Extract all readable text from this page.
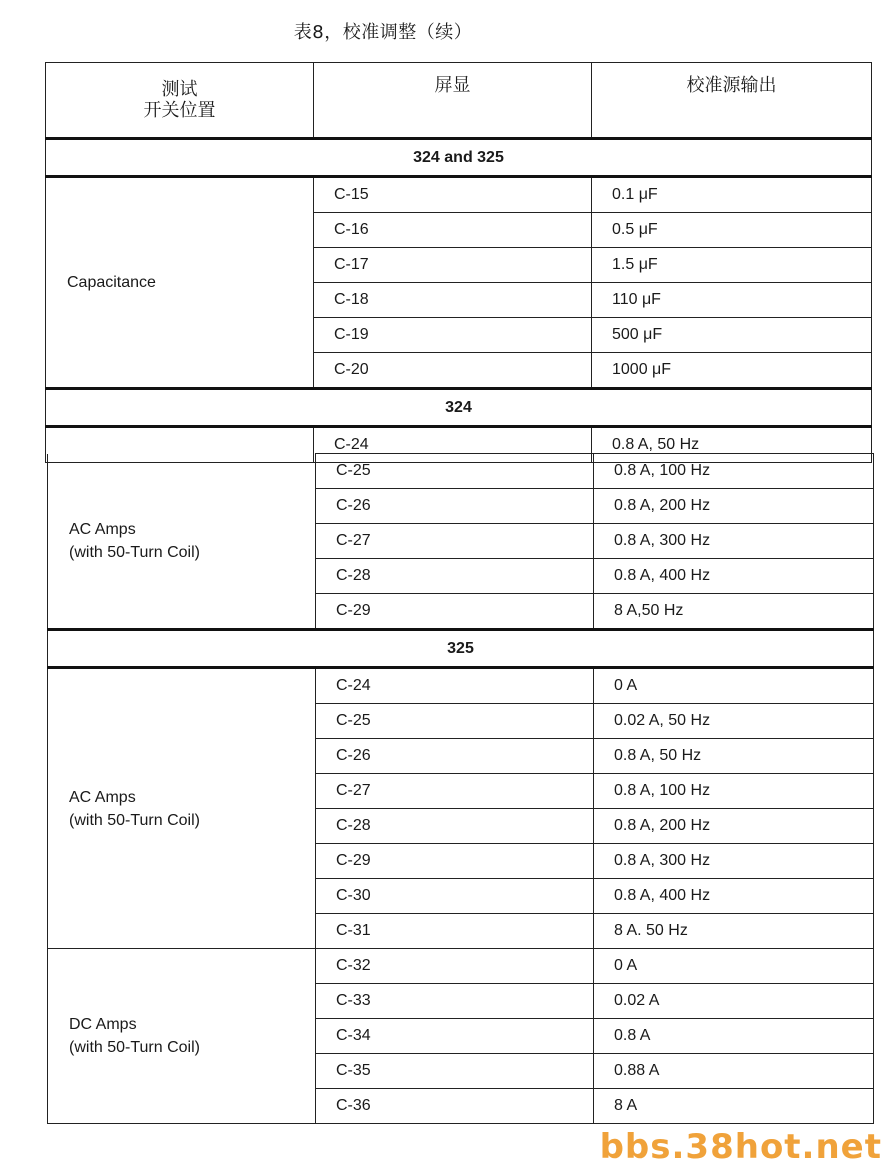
表8，校准调整（续）
测试
开关位置	屏显	校准源输出
324 and 325		

Capacitance	C-15	0.1 μF
	C-16	0.5 μF
	C-17	1.5 μF
	C-18	110 μF
	C-19	500 μF
	C-20	1000 μF
324		
	C-24	0.8 A, 50 Hz
AC Amps
(with 50-Turn Coil)	C-25	0.8 A, 100 Hz
	C-26	0.8 A, 200 Hz
	C-27	0.8 A, 300 Hz
	C-28	0.8 A, 400 Hz
	C-29	8 A,50 Hz
325		

AC Amps
(with 50-Turn Coil)	C-24	0 A
	C-25	0.02 A, 50 Hz
	C-26	0.8 A, 50 Hz
	C-27	0.8 A, 100 Hz
	C-28	0.8 A, 200 Hz
	C-29	0.8 A, 300 Hz
	C-30	0.8 A, 400 Hz
	C-31	8 A. 50 Hz

DC Amps
(with 50-Turn Coil)	C-32	0 A
	C-33	0.02 A
	C-34	0.8 A
	C-35	0.88 A
	C-36	8 A
bbs.38hot.net
